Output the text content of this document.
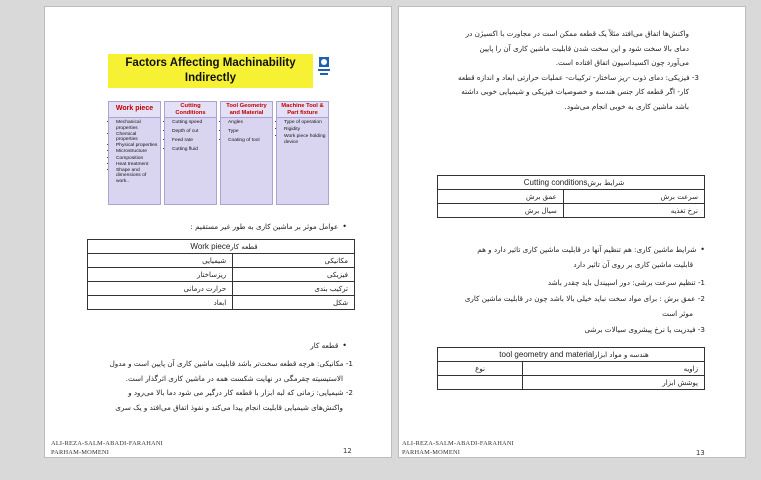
Factors Affecting Machinability
Indirectly
Work piece
• Mechanical properties
• Chemical properties
• Physical properties
• Microstructure
• Composition
• Heat treatment
• Shape and dimensions of work..
Cutting Conditions
• Cutting speed
• Depth of cut
• Feed rate
• Cutting fluid
Tool Geometry and Material
• Angles
• Type
• Coating of tool
Machine Tool & Part fixture
• Type of operation
• Rigidity
• Work piece holding device
• عوامل موثر بر ماشین کاری به طور غیر مستقیم :
قطعه کارWork piece	
مکانیکی	شیمیایی
فیزیکی	ریزساختار
ترکیب بندی	حرارت درمانی
شکل	ابعاد
• قطعه کار
1- مکانیکی: هرچه قطعه سخت‌تر باشد قابلیت ماشین کاری آن پایین است و مدول
الاستیسیته چقرمگی در نهایت شکست همه در ماشین کاری اثرگذار است.
2- شیمیایی: زمانی که لبه ابزار با قطعه کار درگیر می شود دما بالا می‌رود و
واکنش‌های شیمیایی قابلیت انجام پیدا می‌کند و نفوذ اتفاق می‌افتد و یک سری
ALI-REZA-SALM-ABADI-FARAHANI
PARHAM-MOMENI	12
واکنش‌ها اتفاق می‌افتد مثلاً یک قطعه ممکن است در مجاورت با اکسیژن در
دمای بالا سخت شود و این سخت شدن قابلیت ماشین کاری آن را پایین
می‌آورد چون اکسیداسیون اتفاق افتاده است.
3- فیزیکی: دمای ذوب -ریز ساختار- ترکیبات- عملیات حرارتی ابعاد و اندازه قطعه
کار- اگر قطعه کار جنس هندسه و خصوصیات فیزیکی و شیمیایی خوبی داشته
باشد ماشین کاری به خوبی انجام می‌شود.
شرایط برشCutting conditions	
سرعت برش	عمق برش
نرخ تغذیه	سیال برش
• شرایط ماشین کاری: هم تنظیم آنها در قابلیت ماشین کاری تاثیر دارد و هم
قابلیت ماشین کاری بر روی آن تاثیر دارد
1- تنظیم سرعت برشی: دور اسپیندل باید چقدر باشد
2- عمق برش : برای مواد سخت نباید خیلی بالا باشد چون در قابلیت ماشین کاری
موثر است
3- فیدریت یا نرخ پیشروی سیالات برشی
هندسه و مواد ابزارtool geometry and material	
زاویه	نوع
پوشش ابزار	
ALI-REZA-SALM-ABADI-FARAHANI
PARHAM-MOMENI	13
